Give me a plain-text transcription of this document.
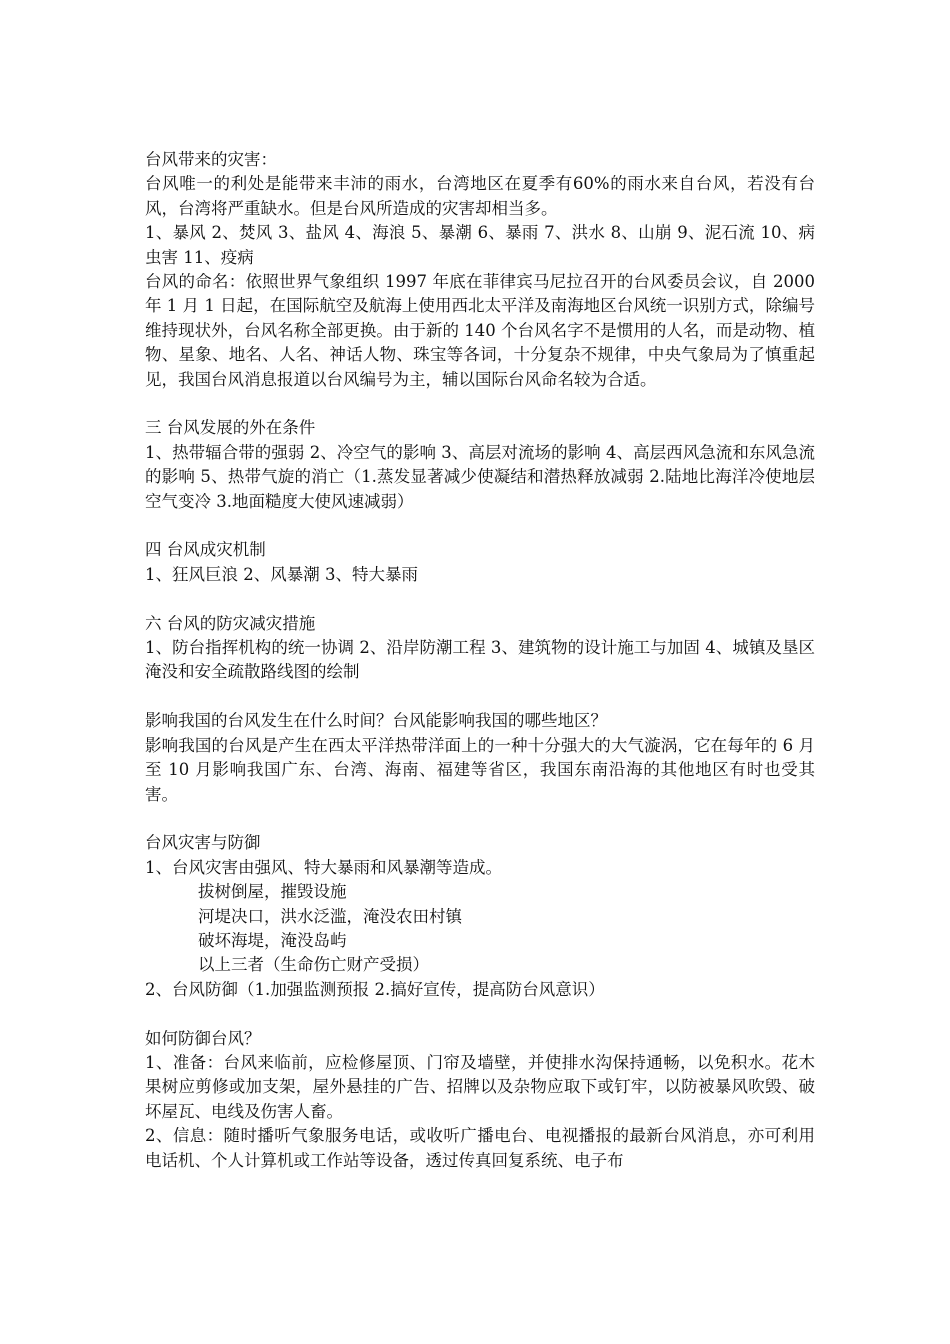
台风带来的灾害：

台风唯一的利处是能带来丰沛的雨水，台湾地区在夏季有60%的雨水来自台风，若没有台风，台湾将严重缺水。但是台风所造成的灾害却相当多。

1、暴风 2、焚风 3、盐风 4、海浪 5、暴潮 6、暴雨 7、洪水 8、山崩 9、泥石流 10、病虫害 11、疫病

台风的命名：依照世界气象组织 1997 年底在菲律宾马尼拉召开的台风委员会议，自 2000 年 1 月 1 日起，在国际航空及航海上使用西北太平洋及南海地区台风统一识别方式，除编号维持现状外，台风名称全部更换。由于新的 140 个台风名字不是惯用的人名，而是动物、植物、星象、地名、人名、神话人物、珠宝等各词，十分复杂不规律，中央气象局为了慎重起见，我国台风消息报道以台风编号为主，辅以国际台风命名较为合适。

三 台风发展的外在条件

1、热带辐合带的强弱 2、冷空气的影响 3、高层对流场的影响 4、高层西风急流和东风急流的影响 5、热带气旋的消亡（1.蒸发显著减少使凝结和潜热释放减弱 2.陆地比海洋冷使地层空气变冷 3.地面糙度大使风速减弱）

四 台风成灾机制

1、狂风巨浪 2、风暴潮 3、特大暴雨

六 台风的防灾减灾措施

1、防台指挥机构的统一协调 2、沿岸防潮工程 3、建筑物的设计施工与加固 4、城镇及垦区淹没和安全疏散路线图的绘制

影响我国的台风发生在什么时间？台风能影响我国的哪些地区？

影响我国的台风是产生在西太平洋热带洋面上的一种十分强大的大气漩涡，它在每年的 6 月至 10 月影响我国广东、台湾、海南、福建等省区，我国东南沿海的其他地区有时也受其害。

台风灾害与防御

1、台风灾害由强风、特大暴雨和风暴潮等造成。

拔树倒屋，摧毁设施

河堤决口，洪水泛滥，淹没农田村镇

破坏海堤，淹没岛屿

以上三者（生命伤亡财产受损）

2、台风防御（1.加强监测预报 2.搞好宣传，提高防台风意识）

如何防御台风？

1、准备：台风来临前，应检修屋顶、门帘及墙壁，并使排水沟保持通畅，以免积水。花木果树应剪修或加支架，屋外悬挂的广告、招牌以及杂物应取下或钉牢，以防被暴风吹毁、破坏屋瓦、电线及伤害人畜。

2、信息：随时播听气象服务电话，或收听广播电台、电视播报的最新台风消息，亦可利用电话机、个人计算机或工作站等设备，透过传真回复系统、电子布
